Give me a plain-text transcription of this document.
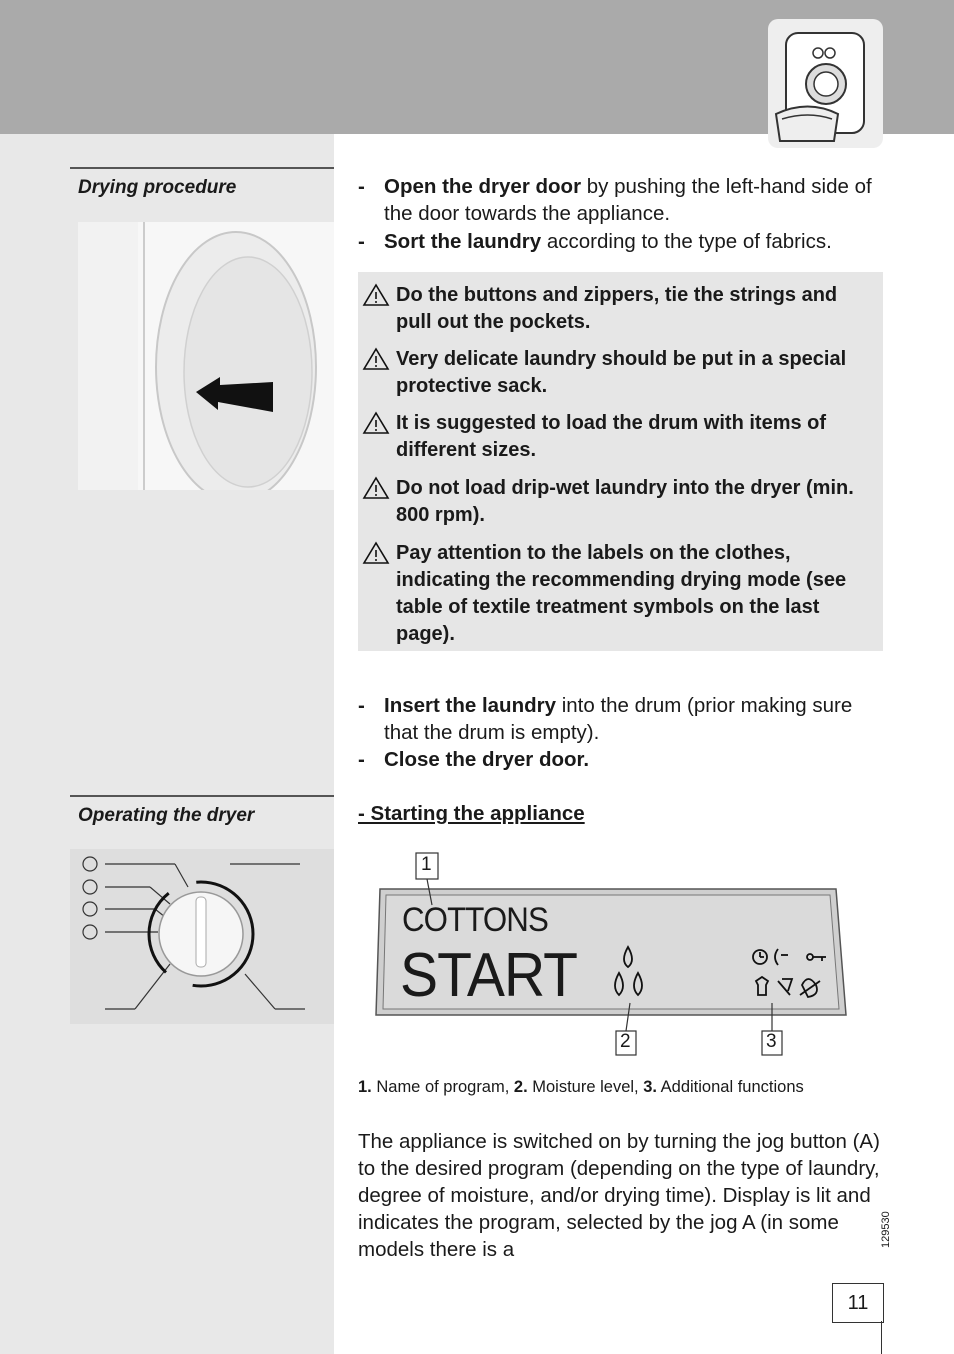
Drying procedure	- Open the dryer door by pushing the left-hand side of the door towards the appliance.
- Sort the laundry according to the type of fabrics.
Do the buttons and zippers, tie the strings and pull out the pockets.
Very delicate laundry should be put in a special protective sack.
It is suggested to load the drum with items of different sizes.
Do not load drip-wet laundry into the dryer (min. 800 rpm).
Pay attention to the labels on the clothes, indicating the recommending drying mode (see table of textile treatment symbols on the last page).
- Insert the laundry into the drum (prior making sure that the drum is empty).
- Close the dryer door.
Operating the dryer	- Starting the appliance
1
2	3
COTTONS
START
1. Name of program, 2. Moisture level, 3. Additional functions
The appliance is switched on by turning the jog button (A) to the desired program (depending on the type of laundry, degree of moisture, and/or drying time). Display is lit and indicates the program, selected by the jog A (in some models there is a
129530
11
